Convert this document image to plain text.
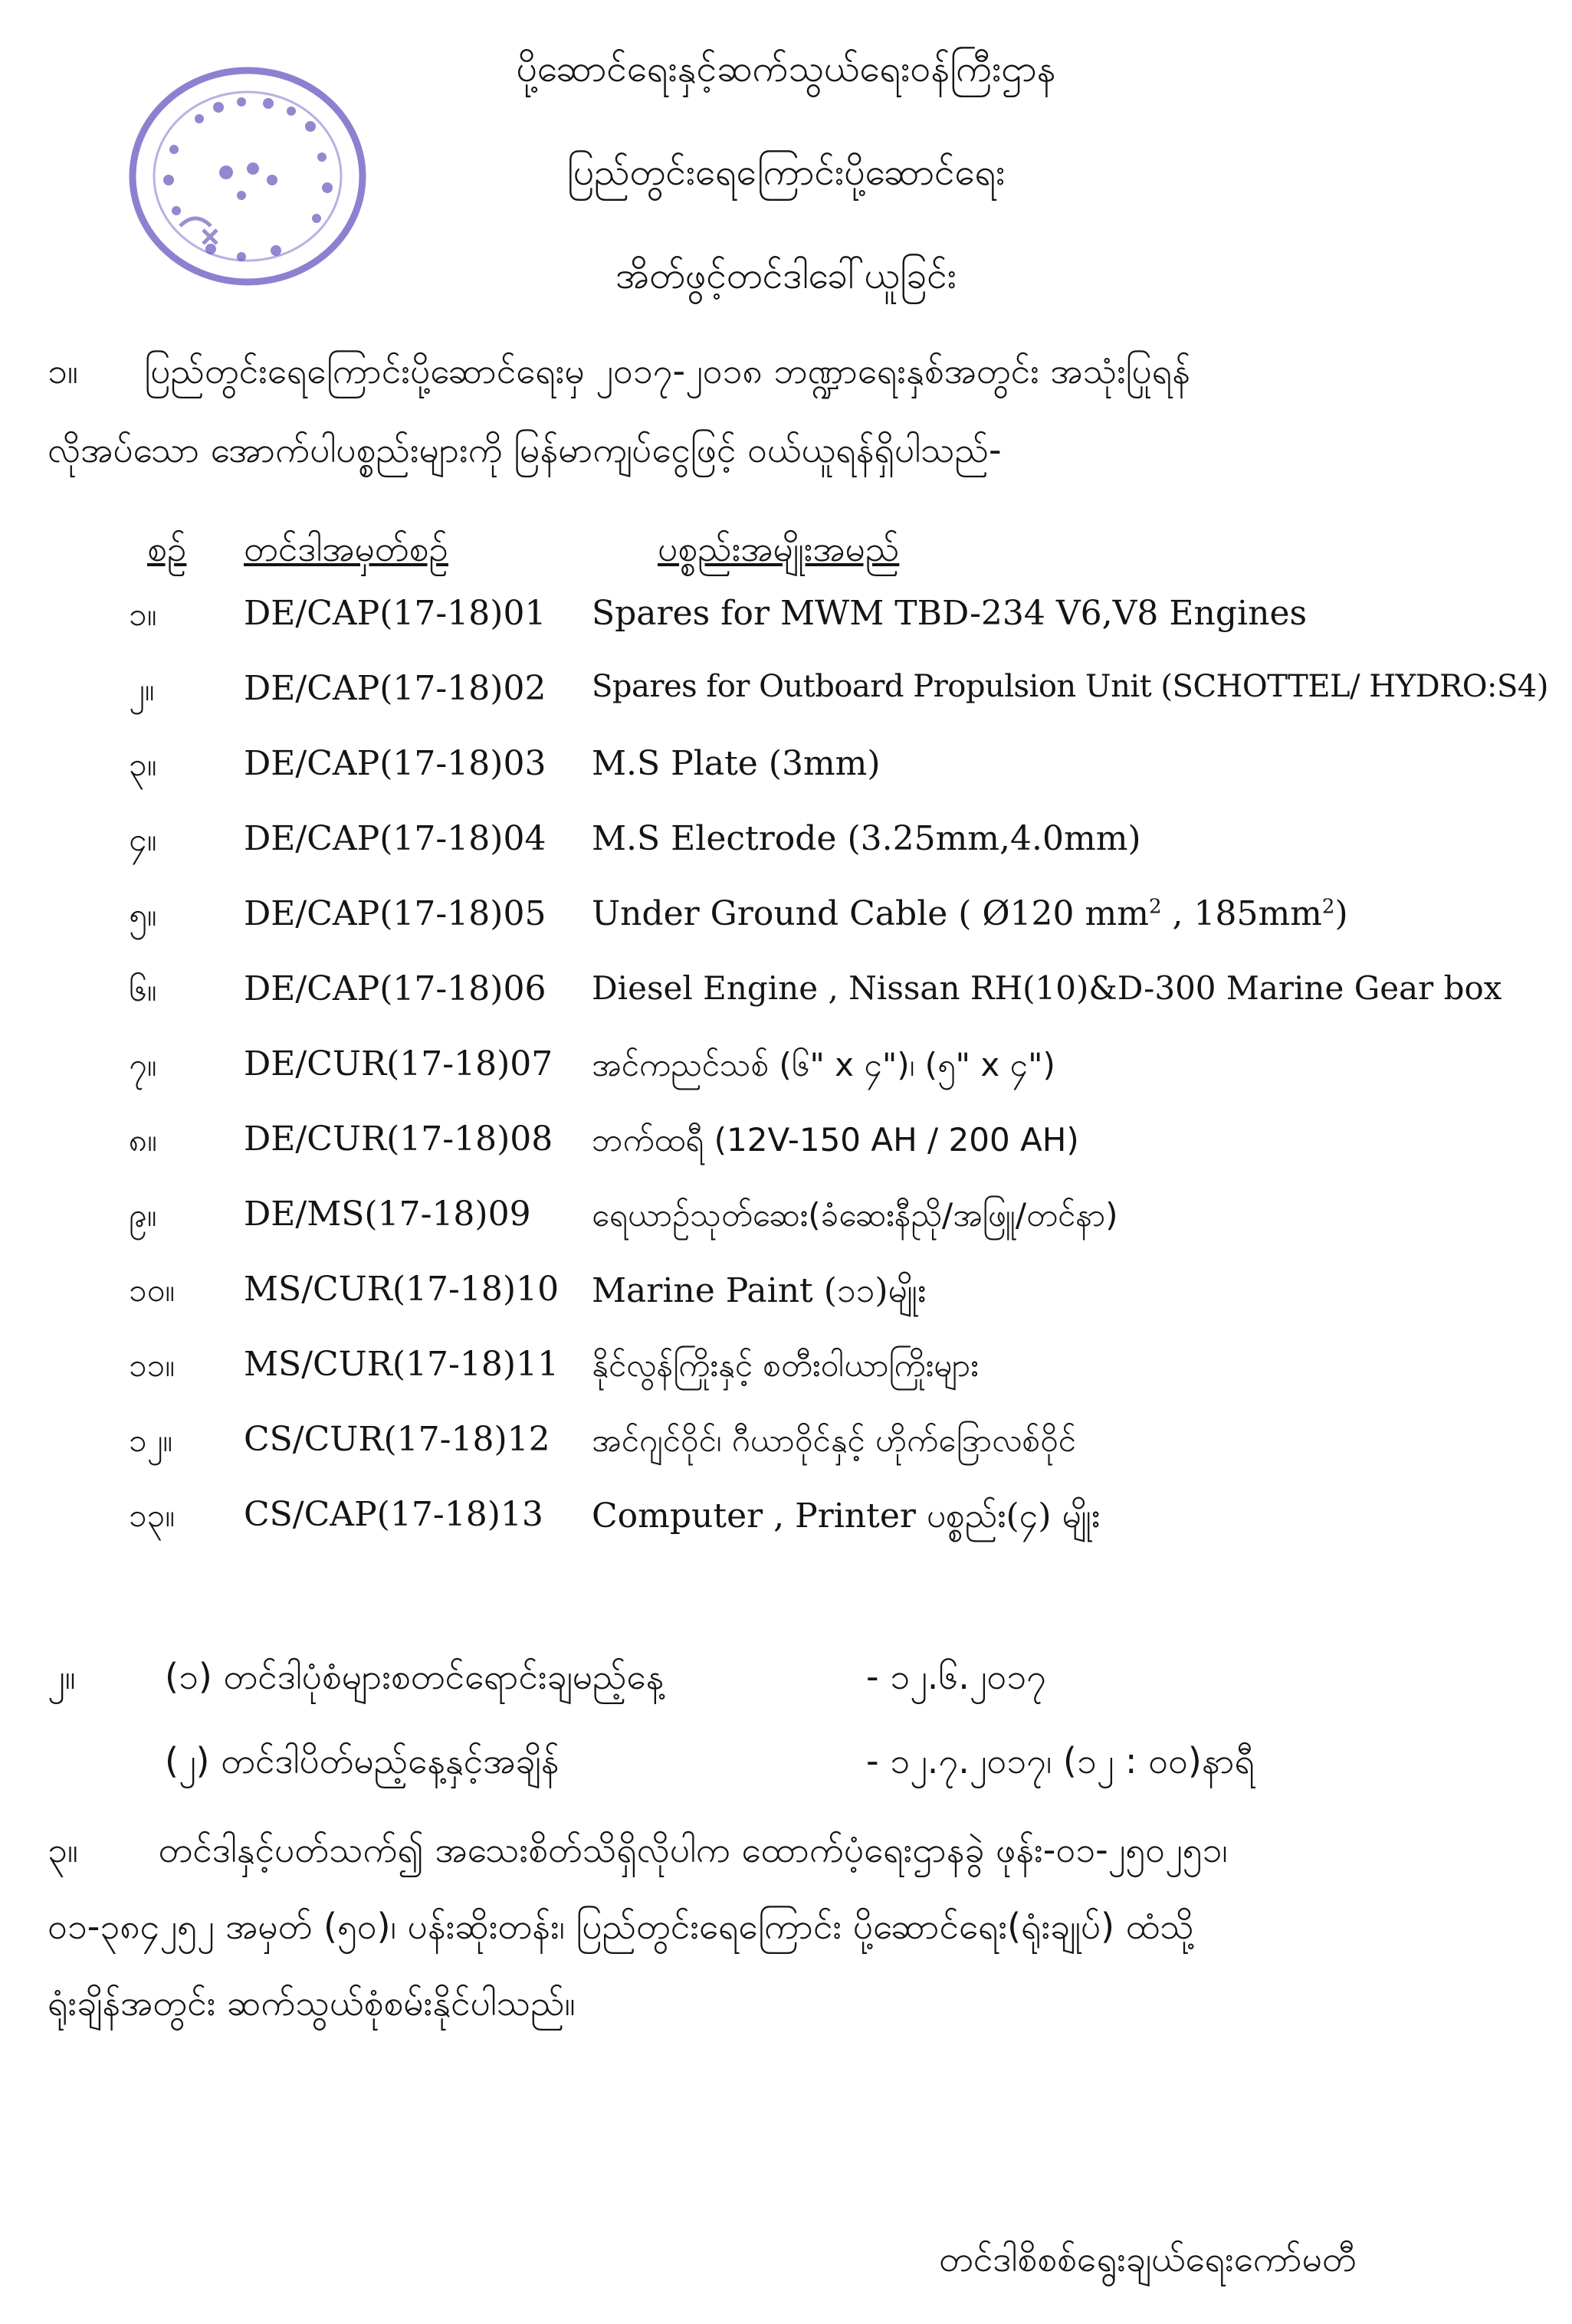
ပို့ဆောင်ရေးနှင့်ဆက်သွယ်ရေးဝန်ကြီးဌာန
ပြည်တွင်းရေကြောင်းပို့ဆောင်ရေး
အိတ်ဖွင့်တင်ဒါခေါ်ယူခြင်း
၁။ ပြည်တွင်းရေကြောင်းပို့ဆောင်ရေးမှ ၂၀၁၇-၂၀၁၈ ဘဏ္ဍာရေးနှစ်အတွင်း အသုံးပြုရန်
လိုအပ်သော အောက်ပါပစ္စည်းများကို မြန်မာကျပ်ငွေဖြင့် ဝယ်ယူရန်ရှိပါသည်-
စဉ် တင်ဒါအမှတ်စဉ်	ပစ္စည်းအမျိုးအမည်
၁။	DE/CAP(17-18)01 Spares for MWM TBD-234 V6,V8 Engines
၂။	DE/CAP(17-18)02 Spares for Outboard Propulsion Unit (SCHOTTEL/ HYDRO:S4)
၃။	DE/CAP(17-18)03 M.S Plate (3mm)
၄။	DE/CAP(17-18)04 M.S Electrode (3.25mm,4.0mm)
၅။	DE/CAP(17-18)05 Under Ground Cable ( Ø120 $mm^2$ , $185mm^2$)
၆။	DE/CAP(17-18)06 Diesel Engine , Nissan RH(10)&D-300 Marine Gear box
၇။	DE/CUR(17-18)07 အင်ကညင်သစ် (၆" x ၄")၊ (၅" x ၄")
၈။	DE/CUR(17-18)08 ဘက်ထရီ (12V-150 AH / 200 AH)
၉။	DE/MS(17-18)09 ရေယာဉ်သုတ်ဆေး(ခံဆေးနီညို/အဖြူ/တင်နာ)
၁၀။ MS/CUR(17-18)10 Marine Paint (၁၁)မျိုး
၁၁။ MS/CUR(17-18)11 နိုင်လွန်ကြိုးနှင့် စတီးဝါယာကြိုးများ
၁၂။ CS/CUR(17-18)12 အင်ဂျင်ဝိုင်၊ ဂီယာဝိုင်နှင့် ဟိုက်ဒြောလစ်ဝိုင်
၁၃။ CS/CAP(17-18)13 Computer , Printer ပစ္စည်း(၄) မျိုး
၂။	(၁) တင်ဒါပုံစံများစတင်ရောင်းချမည့်နေ့	- ၁၂.၆.၂၀၁၇
(၂) တင်ဒါပိတ်မည့်နေ့နှင့်အချိန်	- ၁၂.၇.၂၀၁၇၊ (၁၂ : ၀၀)နာရီ
၃။ တင်ဒါနှင့်ပတ်သက်၍ အသေးစိတ်သိရှိလိုပါက ထောက်ပံ့ရေးဌာနခွဲ ဖုန်း-၀၁-၂၅၀၂၅၁၊
၀၁-၃၈၄၂၅၂ အမှတ် (၅၀)၊ ပန်းဆိုးတန်း၊ ပြည်တွင်းရေကြောင်း ပို့ဆောင်ရေး(ရုံးချုပ်) ထံသို့
ရုံးချိန်အတွင်း ဆက်သွယ်စုံစမ်းနိုင်ပါသည်။
တင်ဒါစိစစ်ရွေးချယ်ရေးကော်မတီ
